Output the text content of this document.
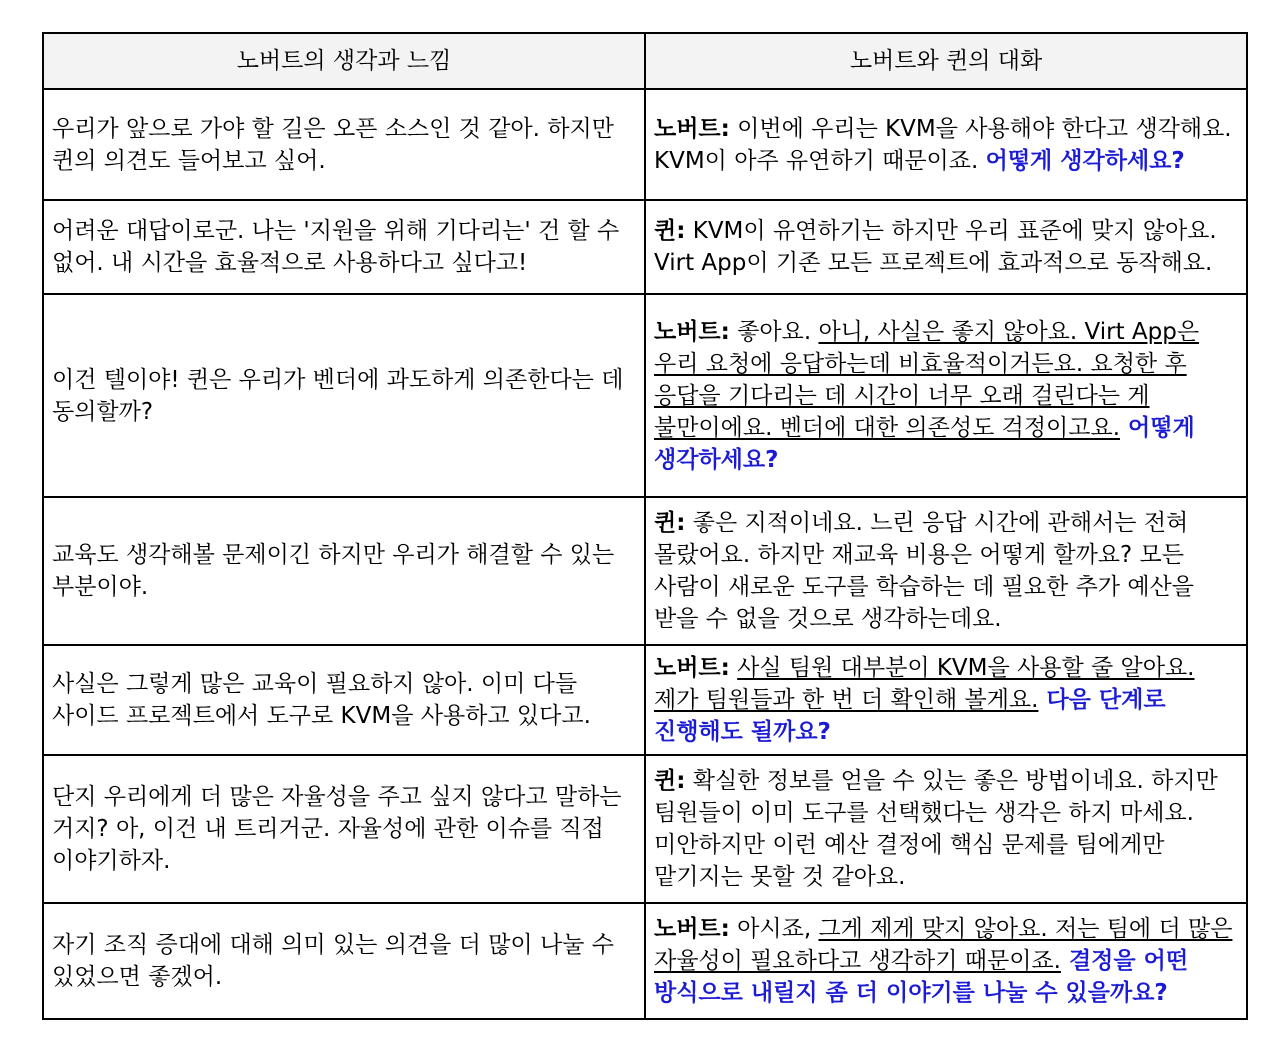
노버트의 생각과 느낌	노버트와 퀸의 대화
우리가 앞으로 가야 할 길은 오픈 소스인 것 같아. 하지만 퀸의 의견도 들어보고 싶어.	노버트: 이번에 우리는 KVM을 사용해야 한다고 생각해요. KVM이 아주 유연하기 때문이죠. 어떻게 생각하세요?
어려운 대답이로군. 나는 '지원을 위해 기다리는' 건 할 수 없어. 내 시간을 효율적으로 사용하다고 싶다고!	퀸: KVM이 유연하기는 하지만 우리 표준에 맞지 않아요. Virt App이 기존 모든 프로젝트에 효과적으로 동작해요.
이건 텔이야! 퀸은 우리가 벤더에 과도하게 의존한다는 데 동의할까?	노버트: 좋아요. 아니, 사실은 좋지 않아요. Virt App은 우리 요청에 응답하는데 비효율적이거든요. 요청한 후 응답을 기다리는 데 시간이 너무 오래 걸린다는 게 불만이에요. 벤더에 대한 의존성도 걱정이고요. 어떻게 생각하세요?
교육도 생각해볼 문제이긴 하지만 우리가 해결할 수 있는 부분이야.	퀸: 좋은 지적이네요. 느린 응답 시간에 관해서는 전혀 몰랐어요. 하지만 재교육 비용은 어떻게 할까요? 모든 사람이 새로운 도구를 학습하는 데 필요한 추가 예산을 받을 수 없을 것으로 생각하는데요.
사실은 그렇게 많은 교육이 필요하지 않아. 이미 다들 사이드 프로젝트에서 도구로 KVM을 사용하고 있다고.	노버트: 사실 팀원 대부분이 KVM을 사용할 줄 알아요. 제가 팀원들과 한 번 더 확인해 볼게요. 다음 단계로 진행해도 될까요?
단지 우리에게 더 많은 자율성을 주고 싶지 않다고 말하는 거지? 아, 이건 내 트리거군. 자율성에 관한 이슈를 직접 이야기하자.	퀸: 확실한 정보를 얻을 수 있는 좋은 방법이네요. 하지만 팀원들이 이미 도구를 선택했다는 생각은 하지 마세요. 미안하지만 이런 예산 결정에 핵심 문제를 팀에게만 맡기지는 못할 것 같아요.
자기 조직 증대에 대해 의미 있는 의견을 더 많이 나눌 수 있었으면 좋겠어.	노버트: 아시죠, 그게 제게 맞지 않아요. 저는 팀에 더 많은 자율성이 필요하다고 생각하기 때문이죠. 결정을 어떤 방식으로 내릴지 좀 더 이야기를 나눌 수 있을까요?
